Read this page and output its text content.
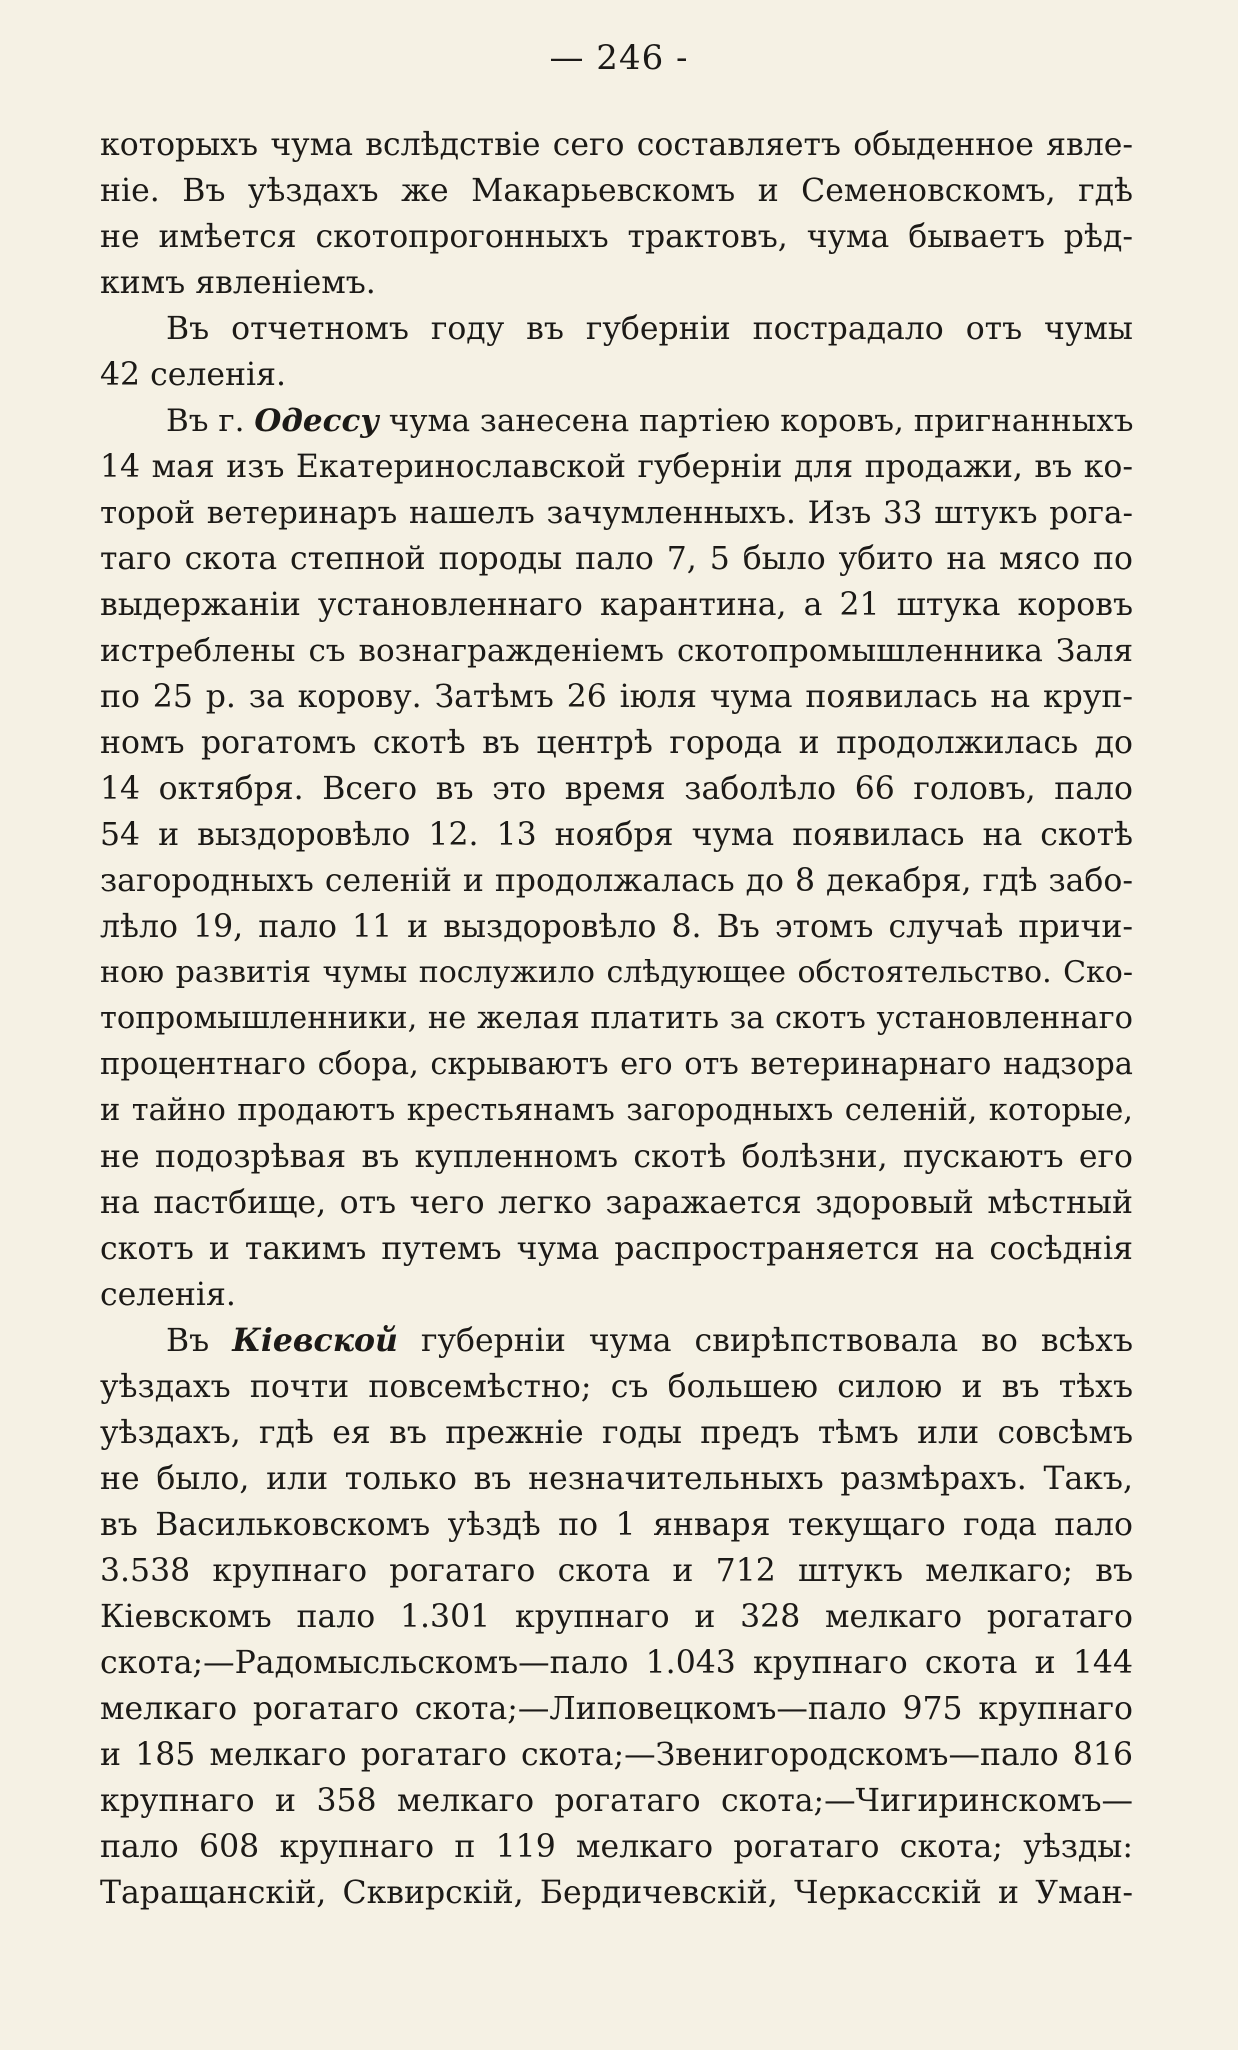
— 246 -
которыхъ чума вслѣдствіе сего составляетъ обыденное явле-
ніе. Въ уѣздахъ же Макарьевскомъ и Семеновскомъ, гдѣ
не имѣется скотопрогонныхъ трактовъ, чума бываетъ рѣд-
кимъ явленіемъ.
Въ отчетномъ году въ губерніи пострадало отъ чумы
42 селенія.
Въ г. Одессу чума занесена партіею коровъ, пригнанныхъ
14 мая изъ Екатеринославской губерніи для продажи, въ ко-
торой ветеринаръ нашелъ зачумленныхъ. Изъ 33 штукъ рога-
таго скота степной породы пало 7, 5 было убито на мясо по
выдержаніи установленнаго карантина, а 21 штука коровъ
истреблены съ вознагражденіемъ скотопромышленника Заля
по 25 р. за корову. Затѣмъ 26 іюля чума появилась на круп-
номъ рогатомъ скотѣ въ центрѣ города и продолжилась до
14 октября. Всего въ это время заболѣло 66 головъ, пало
54 и выздоровѣло 12. 13 ноября чума появилась на скотѣ
загородныхъ селеній и продолжалась до 8 декабря, гдѣ забо-
лѣло 19, пало 11 и выздоровѣло 8. Въ этомъ случаѣ причи-
ною развитія чумы послужило слѣдующее обстоятельство. Ско-
топромышленники, не желая платить за скотъ установленнаго
процентнаго сбора, скрываютъ его отъ ветеринарнаго надзора
и тайно продаютъ крестьянамъ загородныхъ селеній, которые,
не подозрѣвая въ купленномъ скотѣ болѣзни, пускаютъ его
на пастбище, отъ чего легко заражается здоровый мѣстный
скотъ и такимъ путемъ чума распространяется на сосѣднія
селенія.
Въ Кіевской губерніи чума свирѣпствовала во всѣхъ
уѣздахъ почти повсемѣстно; съ большею силою и въ тѣхъ
уѣздахъ, гдѣ ея въ прежніе годы предъ тѣмъ или совсѣмъ
не было, или только въ незначительныхъ размѣрахъ. Такъ,
въ Васильковскомъ уѣздѣ по 1 января текущаго года пало
3.538 крупнаго рогатаго скота и 712 штукъ мелкаго; въ
Кіевскомъ пало 1.301 крупнаго и 328 мелкаго рогатаго
скота;—Радомысльскомъ—пало 1.043 крупнаго скота и 144
мелкаго рогатаго скота;—Липовецкомъ—пало 975 крупнаго
и 185 мелкаго рогатаго скота;—Звенигородскомъ—пало 816
крупнаго и 358 мелкаго рогатаго скота;—Чигиринскомъ—
пало 608 крупнаго п 119 мелкаго рогатаго скота; уѣзды:
Таращанскій, Сквирскій, Бердичевскій, Черкасскій и Уман-
